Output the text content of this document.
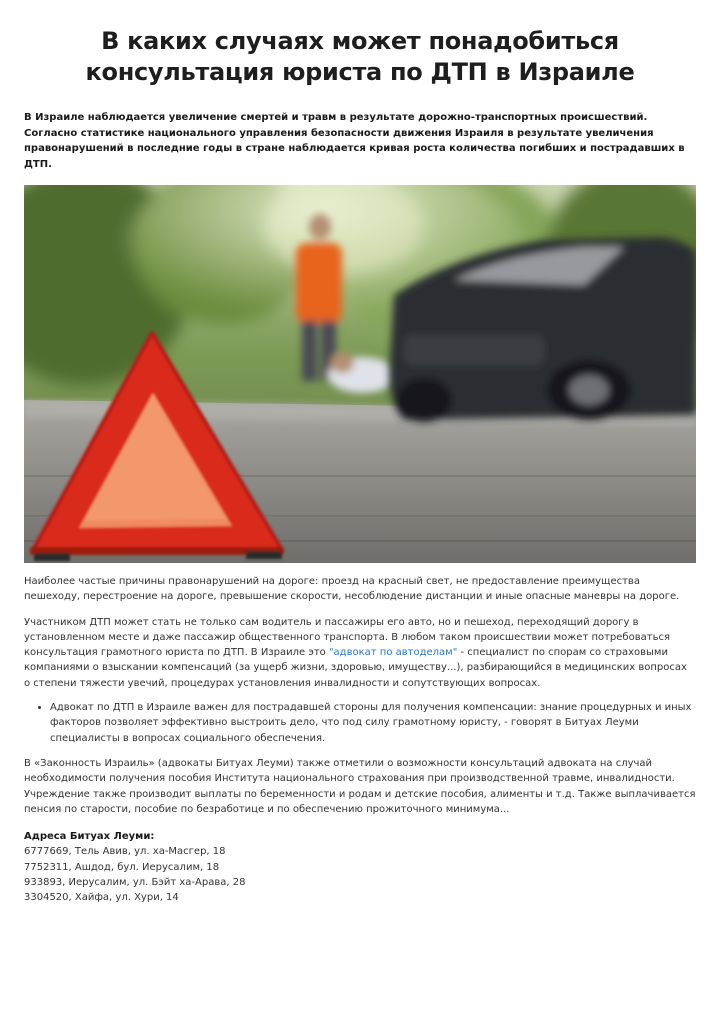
В каких случаях может понадобиться
консультация юриста по ДТП в Израиле

В Израиле наблюдается увеличение смертей и травм в результате дорожно-транспортных происшествий. Согласно статистике национального управления безопасности движения Израиля в результате увеличения правонарушений в последние годы в стране наблюдается кривая роста количества погибших и пострадавших в ДТП.

Наиболее частые причины правонарушений на дороге: проезд на красный свет, не предоставление преимущества пешеходу, перестроение на дороге, превышение скорости, несоблюдение дистанции и иные опасные маневры на дороге.

Участником ДТП может стать не только сам водитель и пассажиры его авто, но и пешеход, переходящий дорогу в установленном месте и даже пассажир общественного транспорта. В любом таком происшествии может потребоваться консультация грамотного юриста по ДТП. В Израиле это "адвокат по автоделам" - специалист по спорам со страховыми компаниями о взыскании компенсаций (за ущерб жизни, здоровью, имуществу...), разбирающийся в медицинских вопросах о степени тяжести увечий, процедурах установления инвалидности и сопутствующих вопросах.

• Адвокат по ДТП в Израиле важен для пострадавшей стороны для получения компенсации: знание процедурных и иных факторов позволяет эффективно выстроить дело, что под силу грамотному юристу, - говорят в Битуах Леуми специалисты в вопросах социального обеспечения.

В «Законность Израиль» (адвокаты Битуах Леуми) также отметили о возможности консультаций адвоката на случай необходимости получения пособия Института национального страхования при производственной травме, инвалидности. Учреждение также производит выплаты по беременности и родам и детские пособия, алименты и т.д. Также выплачивается пенсия по старости, пособие по безработице и по обеспечению прожиточного минимума...

Адреса Битуах Леуми:
6777669, Тель Авив, ул. ха-Масгер, 18
7752311, Ашдод, бул. Иерусалим, 18
933893, Иерусалим, ул. Бэйт ха-Арава, 28
3304520, Хайфа, ул. Хури, 14
